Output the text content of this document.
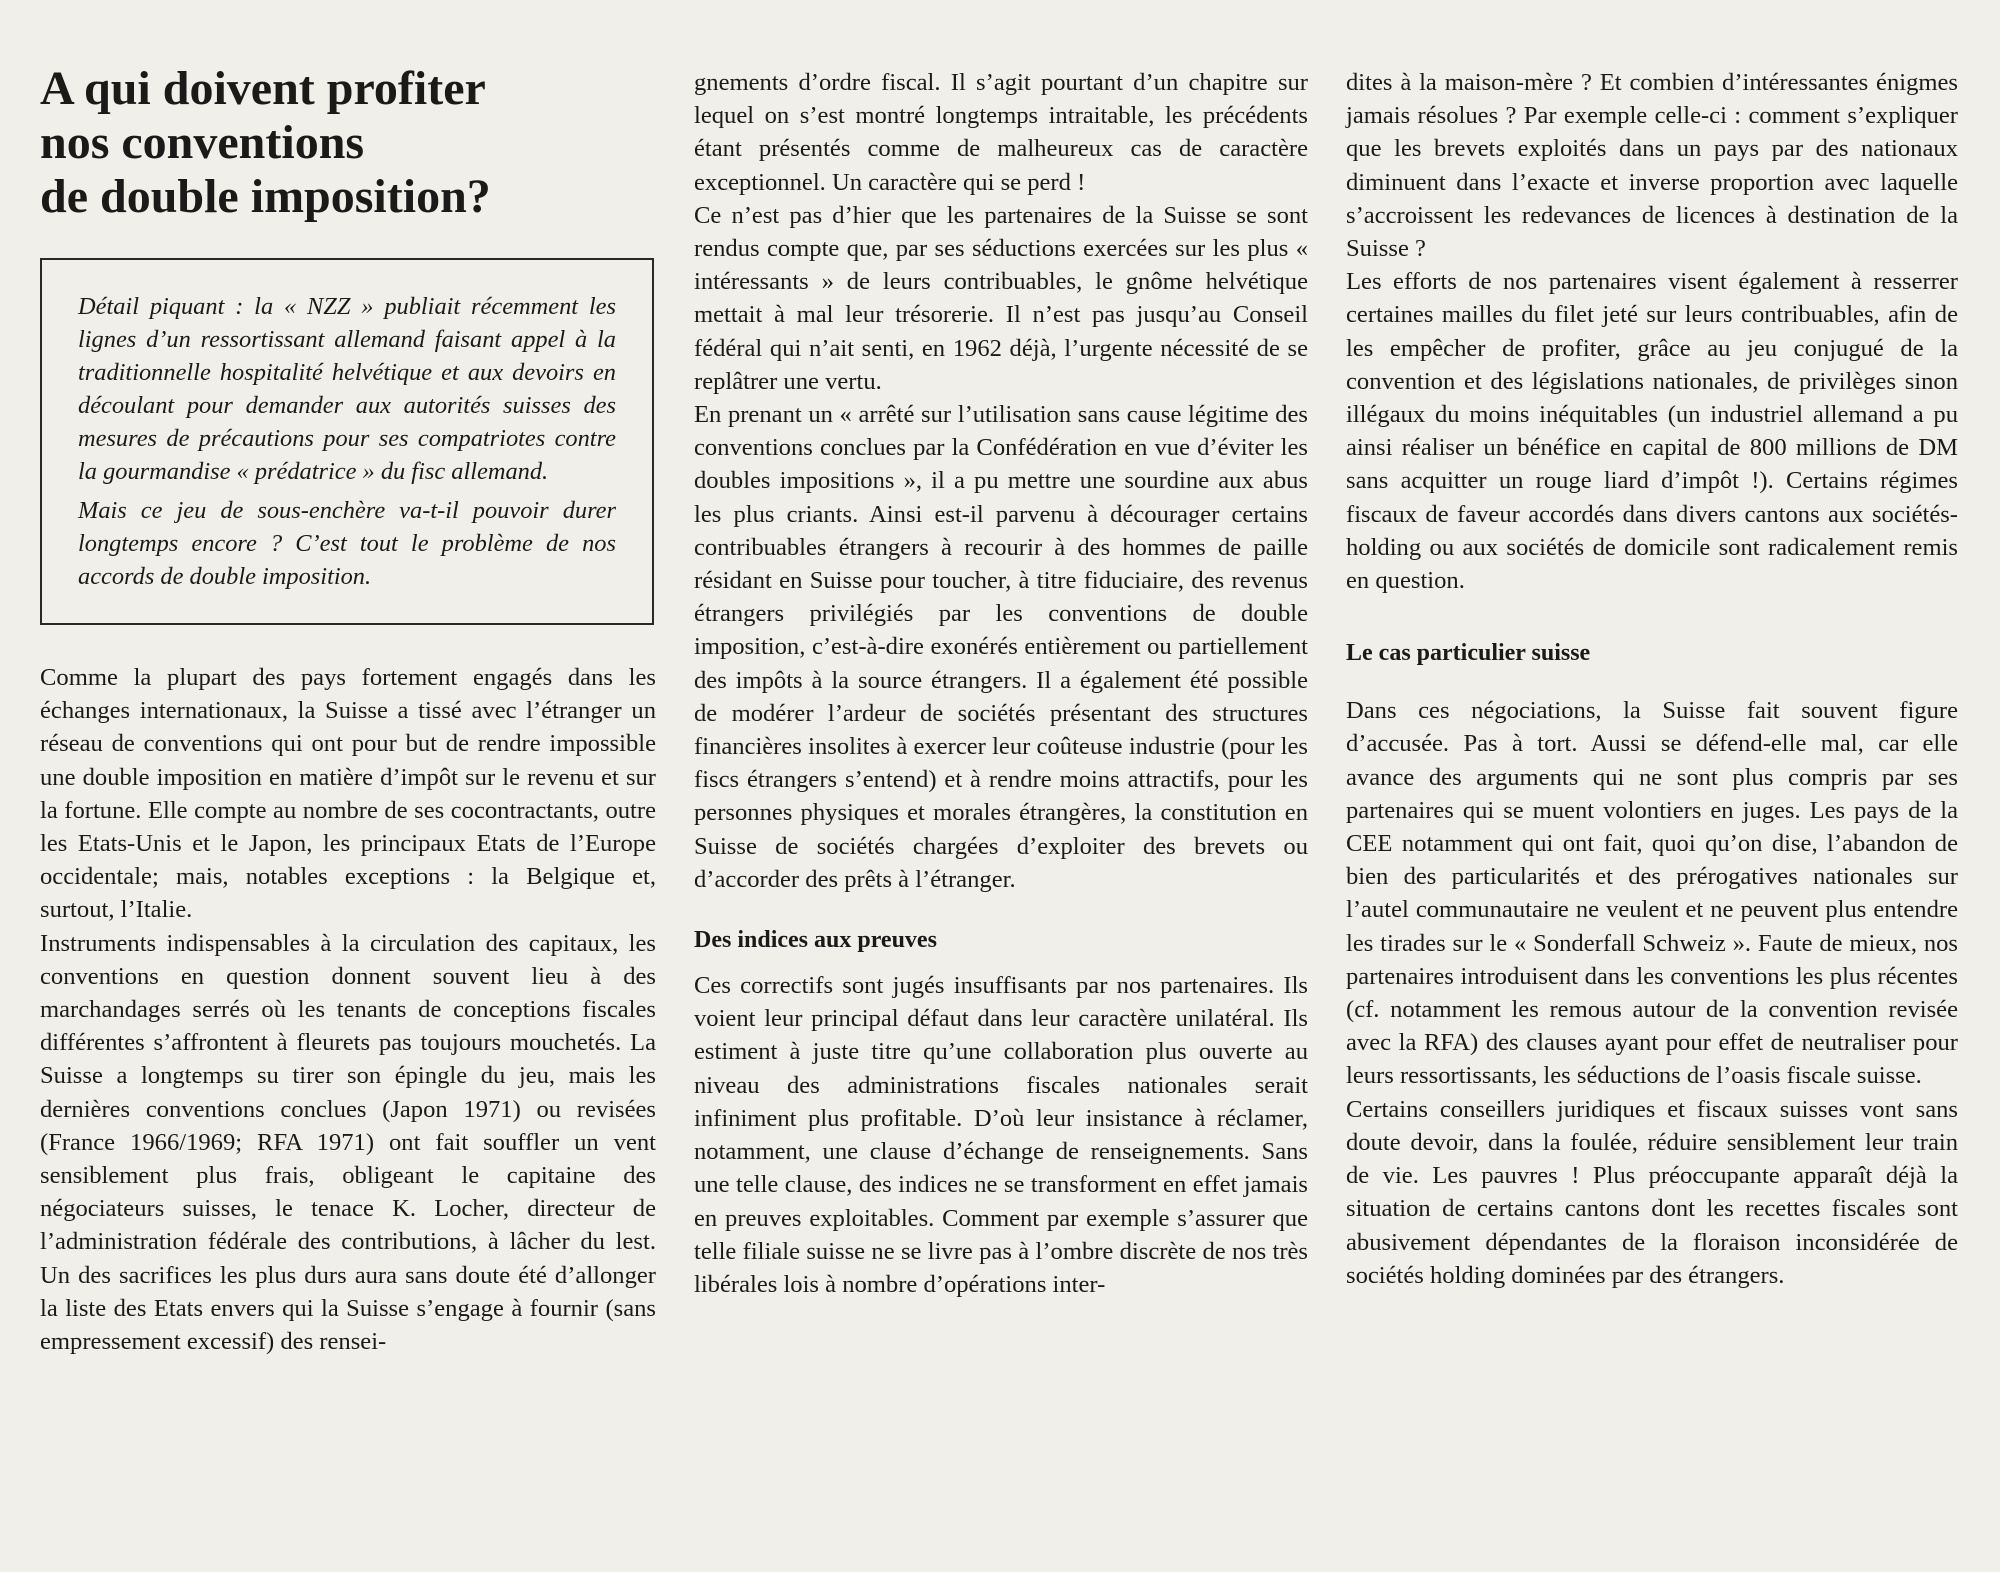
A qui doivent profiter
nos conventions
de double imposition?

Détail piquant : la « NZZ » publiait récemment les lignes d’un ressortissant allemand faisant appel à la traditionnelle hospitalité helvétique et aux devoirs en découlant pour demander aux autorités suisses des mesures de précautions pour ses compatriotes contre la gourmandise « prédatrice » du fisc allemand.

Mais ce jeu de sous-enchère va-t-il pouvoir durer longtemps encore ? C’est tout le problème de nos accords de double imposition.

Comme la plupart des pays fortement engagés dans les échanges internationaux, la Suisse a tissé avec l’étranger un réseau de conventions qui ont pour but de rendre impossible une double imposition en matière d’impôt sur le revenu et sur la fortune. Elle compte au nombre de ses cocontractants, outre les Etats-Unis et le Japon, les principaux Etats de l’Europe occidentale; mais, notables exceptions : la Belgique et, surtout, l’Italie.

Instruments indispensables à la circulation des capitaux, les conventions en question donnent souvent lieu à des marchandages serrés où les tenants de conceptions fiscales différentes s’affrontent à fleurets pas toujours mouchetés. La Suisse a longtemps su tirer son épingle du jeu, mais les dernières conventions conclues (Japon 1971) ou revisées (France 1966/1969; RFA 1971) ont fait souffler un vent sensiblement plus frais, obligeant le capitaine des négociateurs suisses, le tenace K. Locher, directeur de l’administration fédérale des contributions, à lâcher du lest. Un des sacrifices les plus durs aura sans doute été d’allonger la liste des Etats envers qui la Suisse s’engage à fournir (sans empressement excessif) des rensei-

gnements d’ordre fiscal. Il s’agit pourtant d’un chapitre sur lequel on s’est montré longtemps intraitable, les précédents étant présentés comme de malheureux cas de caractère exceptionnel. Un caractère qui se perd !

Ce n’est pas d’hier que les partenaires de la Suisse se sont rendus compte que, par ses séductions exercées sur les plus « intéressants » de leurs contribuables, le gnôme helvétique mettait à mal leur trésorerie. Il n’est pas jusqu’au Conseil fédéral qui n’ait senti, en 1962 déjà, l’urgente nécessité de se replâtrer une vertu.

En prenant un « arrêté sur l’utilisation sans cause légitime des conventions conclues par la Confédération en vue d’éviter les doubles impositions », il a pu mettre une sourdine aux abus les plus criants. Ainsi est-il parvenu à décourager certains contribuables étrangers à recourir à des hommes de paille résidant en Suisse pour toucher, à titre fiduciaire, des revenus étrangers privilégiés par les conventions de double imposition, c’est-à-dire exonérés entièrement ou partiellement des impôts à la source étrangers. Il a également été possible de modérer l’ardeur de sociétés présentant des structures financières insolites à exercer leur coûteuse industrie (pour les fiscs étrangers s’entend) et à rendre moins attractifs, pour les personnes physiques et morales étrangères, la constitution en Suisse de sociétés chargées d’exploiter des brevets ou d’accorder des prêts à l’étranger.

Des indices aux preuves

Ces correctifs sont jugés insuffisants par nos partenaires. Ils voient leur principal défaut dans leur caractère unilatéral. Ils estiment à juste titre qu’une collaboration plus ouverte au niveau des administrations fiscales nationales serait infiniment plus profitable. D’où leur insistance à réclamer, notamment, une clause d’échange de renseignements. Sans une telle clause, des indices ne se transforment en effet jamais en preuves exploitables. Comment par exemple s’assurer que telle filiale suisse ne se livre pas à l’ombre discrète de nos très libérales lois à nombre d’opérations inter-

dites à la maison-mère ? Et combien d’intéressantes énigmes jamais résolues ? Par exemple celle-ci : comment s’expliquer que les brevets exploités dans un pays par des nationaux diminuent dans l’exacte et inverse proportion avec laquelle s’accroissent les redevances de licences à destination de la Suisse ?

Les efforts de nos partenaires visent également à resserrer certaines mailles du filet jeté sur leurs contribuables, afin de les empêcher de profiter, grâce au jeu conjugué de la convention et des législations nationales, de privilèges sinon illégaux du moins inéquitables (un industriel allemand a pu ainsi réaliser un bénéfice en capital de 800 millions de DM sans acquitter un rouge liard d’impôt !). Certains régimes fiscaux de faveur accordés dans divers cantons aux sociétés-holding ou aux sociétés de domicile sont radicalement remis en question.

Le cas particulier suisse

Dans ces négociations, la Suisse fait souvent figure d’accusée. Pas à tort. Aussi se défend-elle mal, car elle avance des arguments qui ne sont plus compris par ses partenaires qui se muent volontiers en juges. Les pays de la CEE notamment qui ont fait, quoi qu’on dise, l’abandon de bien des particularités et des prérogatives nationales sur l’autel communautaire ne veulent et ne peuvent plus entendre les tirades sur le « Sonderfall Schweiz ». Faute de mieux, nos partenaires introduisent dans les conventions les plus récentes (cf. notamment les remous autour de la convention revisée avec la RFA) des clauses ayant pour effet de neutraliser pour leurs ressortissants, les séductions de l’oasis fiscale suisse.

Certains conseillers juridiques et fiscaux suisses vont sans doute devoir, dans la foulée, réduire sensiblement leur train de vie. Les pauvres ! Plus préoccupante apparaît déjà la situation de certains cantons dont les recettes fiscales sont abusivement dépendantes de la floraison inconsidérée de sociétés holding dominées par des étrangers.
